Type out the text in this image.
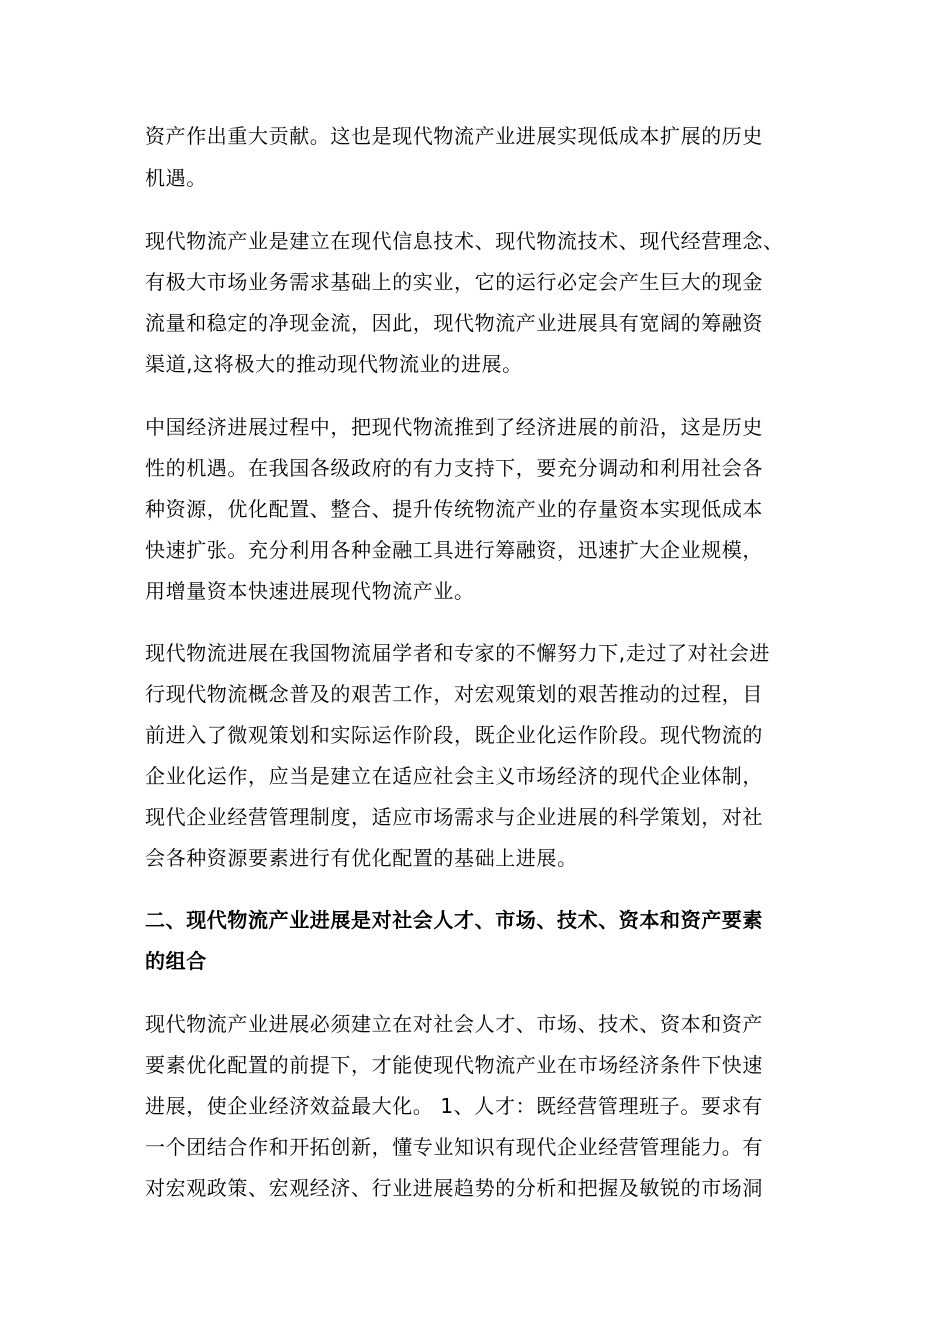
资产作出重大贡献。这也是现代物流产业进展实现低成本扩展的历史
机遇。
现代物流产业是建立在现代信息技术、现代物流技术、现代经营理念、
有极大市场业务需求基础上的实业，它的运行必定会产生巨大的现金
流量和稳定的净现金流，因此，现代物流产业进展具有宽阔的筹融资
渠道,这将极大的推动现代物流业的进展。
中国经济进展过程中，把现代物流推到了经济进展的前沿，这是历史
性的机遇。在我国各级政府的有力支持下，要充分调动和利用社会各
种资源，优化配置、整合、提升传统物流产业的存量资本实现低成本
快速扩张。充分利用各种金融工具进行筹融资，迅速扩大企业规模，
用增量资本快速进展现代物流产业。
现代物流进展在我国物流届学者和专家的不懈努力下,走过了对社会进
行现代物流概念普及的艰苦工作，对宏观策划的艰苦推动的过程，目
前进入了微观策划和实际运作阶段，既企业化运作阶段。现代物流的
企业化运作，应当是建立在适应社会主义市场经济的现代企业体制，
现代企业经营管理制度，适应市场需求与企业进展的科学策划，对社
会各种资源要素进行有优化配置的基础上进展。
二、现代物流产业进展是对社会人才、市场、技术、资本和资产要素
的组合
现代物流产业进展必须建立在对社会人才、市场、技术、资本和资产
要素优化配置的前提下，才能使现代物流产业在市场经济条件下快速
进展，使企业经济效益最大化。 1、人才：既经营管理班子。要求有
一个团结合作和开拓创新，懂专业知识有现代企业经营管理能力。有
对宏观政策、宏观经济、行业进展趋势的分析和把握及敏锐的市场洞
